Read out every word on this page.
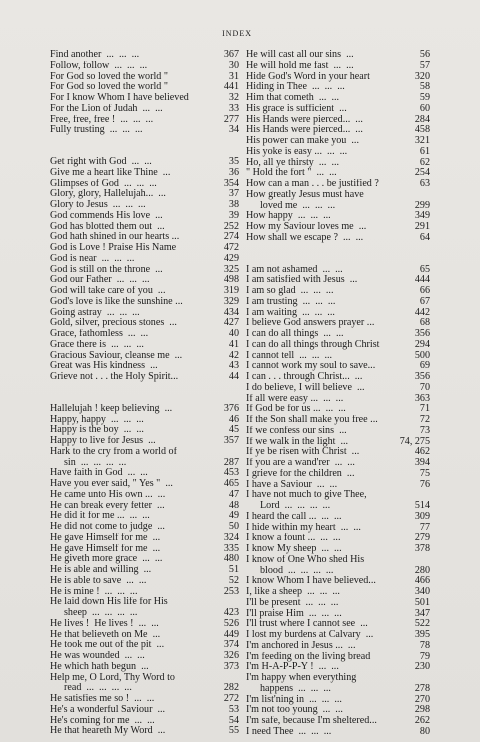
INDEX
Find another  ...  ...  ...	367
Follow, follow  ...  ...  ...	30
For God so loved the world "	31
For God so loved the world "	441
For I know Whom I have believed	32
For the Lion of Judah  ...  ...	33
Free, free, free !  ...  ...  ...	277
Fully trusting  ...  ...  ...	34
Get right with God  ...  ...	35
Give me a heart like Thine  ...	36
Glimpses of God  ...  ...  ...	354
Glory, glory, Hallelujah...  ...	37
Glory to Jesus  ...  ...  ...	38
God commends His love  ...	39
God has blotted them out  ...	252
God hath shined in our hearts ...	274
God is Love ! Praise His Name	472
God is near  ...  ...  ...	429
God is still on the throne  ...	325
God our Father  ...  ...  ...	498
God will take care of you  ...	319
God's love is like the sunshine ...	329
Going astray  ...  ...  ...	434
Gold, silver, precious stones  ...	427
Grace, fathomless  ...  ...	40
Grace there is  ...  ...  ...	41
Gracious Saviour, cleanse me  ...	42
Great was His kindness  ...	43
Grieve not . . . the Holy Spirit...	44
Hallelujah ! keep believing  ...	376
Happy, happy  ...  ...  ...	46
Happy is the boy  ...  ...	45
Happy to live for Jesus  ...	357
Hark to the cry from a world of
sin  ...  ...  ...  ...	287
Have faith in God  ...  ...	453
Have you ever said, " Yes "  ...	465
He came unto His own ...  ...	47
He can break every fetter  ...	48
He did it for me ...  ...  ...	49
He did not come to judge  ...	50
He gave Himself for me  ...	324
He gave Himself for me  ...	335
He giveth more grace  ...  ...	480
He is able and willing  ...	51
He is able to save  ...  ...	52
He is mine !  ...  ...  ...	253
He laid down His life for His
sheep  ...  ...  ...  ...	423
He lives !  He lives !  ...  ...	526
He that believeth on Me  ...	449
He took me out of the pit  ...	374
He was wounded  ...  ...	326
He which hath begun  ...	373
Help me, O Lord, Thy Word to
read  ...  ...  ...  ...	282
He satisfies me so !  ...  ...	272
He's a wonderful Saviour  ...	53
He's coming for me  ...  ...	54
He that heareth My Word  ...	55
He will cast all our sins  ...	56
He will hold me fast  ...  ...	57
Hide God's Word in your heart	320
Hiding in Thee  ...  ...  ...	58
Him that cometh  ...  ...	59
His grace is sufficient  ...	60
His Hands were pierced...  ...	284
His Hands were pierced...  ...	458
His power can make you  ...	321
His yoke is easy ...  ...  ...	61
Ho, all ye thirsty  ...  ...	62
" Hold the fort "  ...  ...	254
How can a man . . . be justified ?	63
How greatly Jesus must have
loved me  ...  ...  ...	299
How happy  ...  ...  ...	349
How my Saviour loves me  ...	291
How shall we escape ?  ...  ...	64
I am not ashamed  ...  ...	65
I am satisfied with Jesus  ...	444
I am so glad  ...  ...  ...	66
I am trusting  ...  ...  ...	67
I am waiting  ...  ...  ...	442
I believe God answers prayer ...	68
I can do all things  ...  ...	356
I can do all things through Christ	294
I cannot tell  ...  ...  ...	500
I cannot work my soul to save...	69
I can . . . through Christ...  ...	356
I do believe, I will believe  ...	70
If all were easy ...  ...  ...	363
If God be for us ...  ...  ...	71
If the Son shall make you free ...	72
If we confess our sins  ...	73
If we walk in the light  ...	74, 275
If ye be risen with Christ  ...	462
If you are a wand'rer  ...  ...	394
I grieve for the children  ...	75
I have a Saviour  ...  ...	76
I have not much to give Thee,
Lord  ...  ...  ...  ...	514
I heard the call ...  ...  ...	309
I hide within my heart  ...  ...	77
I know a fount ...  ...  ...	279
I know My sheep  ...  ...	378
I know of One Who shed His
blood  ...  ...  ...  ...	280
I know Whom I have believed...	466
I, like a sheep  ...  ...  ...	340
I'll be present  ...  ...  ...	501
I'll praise Him  ...  ...  ...	347
I'll trust where I cannot see  ...	522
I lost my burdens at Calvary  ...	395
I'm anchored in Jesus ...  ...	78
I'm feeding on the living bread	79
I'm H-A-P-P-Y !  ...  ...	230
I'm happy when everything
happens  ...  ...  ...	278
I'm list'ning in  ...  ...  ...	270
I'm not too young  ...  ...	298
I'm safe, because I'm sheltered...	262
I need Thee  ...  ...  ...	80
